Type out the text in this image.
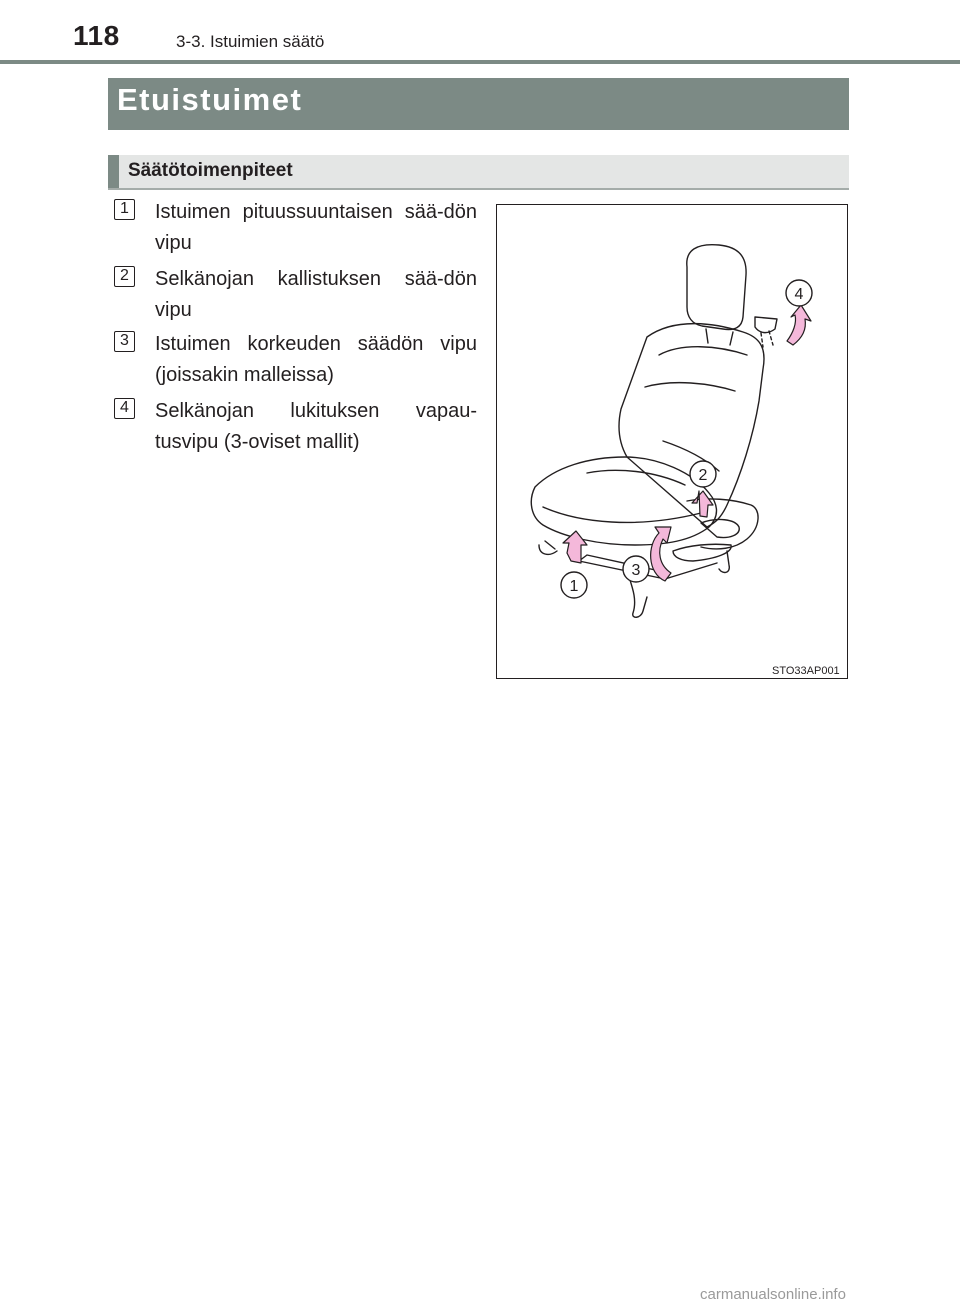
118	3-3. Istuimien säätö
Etuistuimet
Säätötoimenpiteet
1	Istuimen pituussuuntaisen sää-dön vipu
2	Selkänojan kallistuksen sää-dön vipu
3	Istuimen korkeuden säädön vipu (joissakin malleissa)
4	Selkänojan lukituksen vapau-tusvipu (3-oviset mallit)
4
2
3
1
STO33AP001
carmanualsonline.info
